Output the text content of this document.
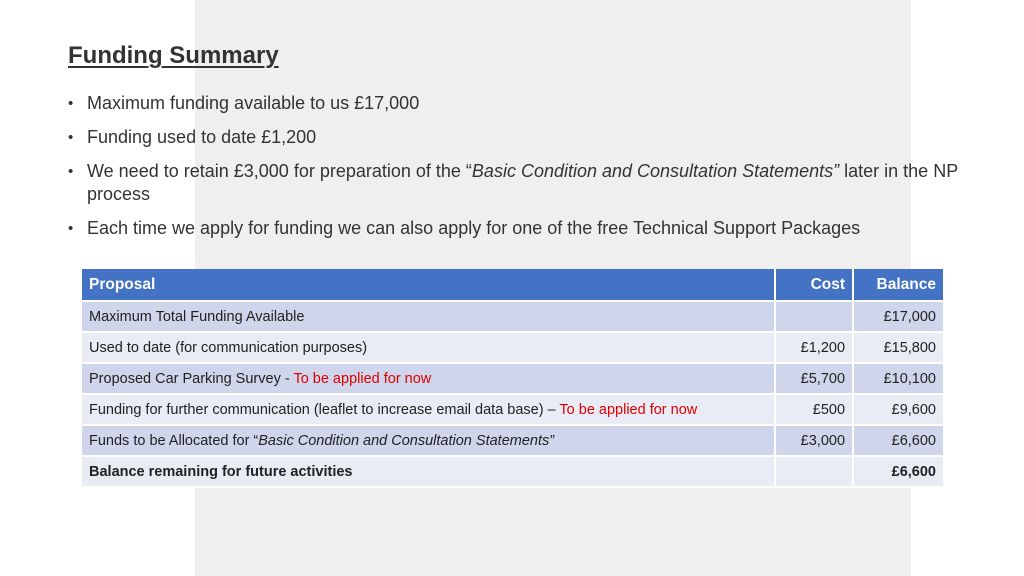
Funding Summary
• Maximum funding available to us £17,000
• Funding used to date £1,200
• We need to retain £3,000 for preparation of the “Basic Condition and Consultation Statements” later in the NP process
• Each time we apply for funding we can also apply for one of the free Technical Support Packages
Proposal	Cost	Balance
Maximum Total Funding Available		£17,000
Used to date (for communication purposes)	£1,200	£15,800
Proposed Car Parking Survey - To be applied for now	£5,700	£10,100
Funding for further communication (leaflet to increase email data base) – To be applied for now	£500	£9,600
Funds to be Allocated for “Basic Condition and Consultation Statements”	£3,000	£6,600
Balance remaining for future activities		£6,600
